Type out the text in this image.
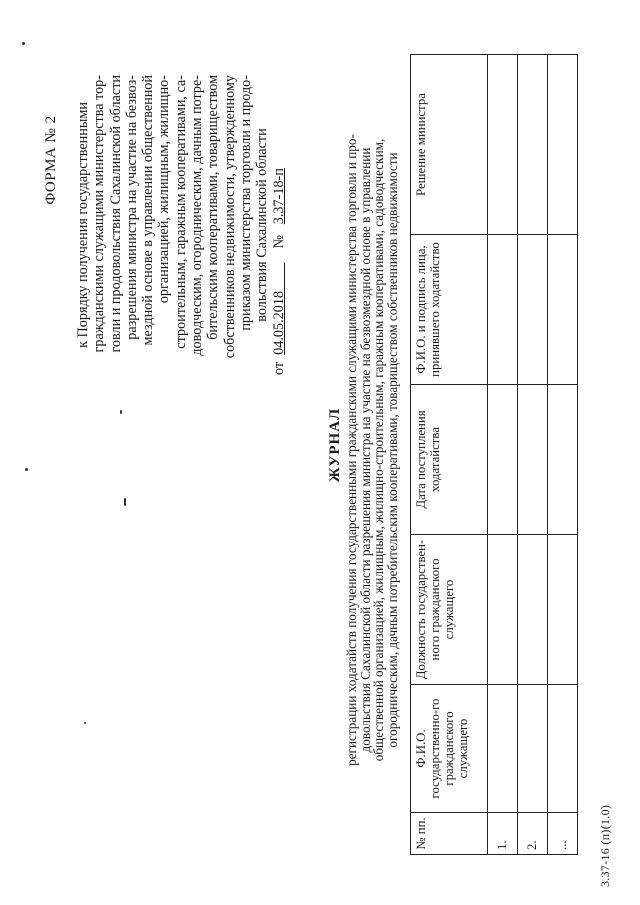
ФОРМА № 2 к Порядку получения государственными гражданскими служащими министерства тор- говли и продовольствия Сахалинской области разрешения министра на участие на безвоз- мездной основе в управлении общественной организацией, жилищным, жилищно- строительным, гаражным кооперативами, са- доводческим, огородническим, дачным потре- бительским кооперативами, товариществом собственников недвижимости, утвержденному приказом министерства торговли и продо- вольствия Сахалинской области
от  04.05.2018            №   3.37-18-п
ЖУРНАЛ регистрации ходатайств получения государственными гражданскими служащими министерства торговли и про-
довольствия Сахалинской области разрешения министра на участие на безвозмездной основе в управлении
общественной организацией, жилищным, жилищно-строительным, гаражным кооперативами, садоводческим,
огородническим, дачным потребительским кооперативами, товариществом собственников недвижимости
№ пп.	Ф.И.О. государственно-го гражданского служащего	Должность государствен-ного гражданского служащего	Дата поступления ходатайства	Ф.И.О. и подпись лица, принявшего ходатайство	Решение министра
1.					
2.					
...					3.37-16 (п)(1.0)
